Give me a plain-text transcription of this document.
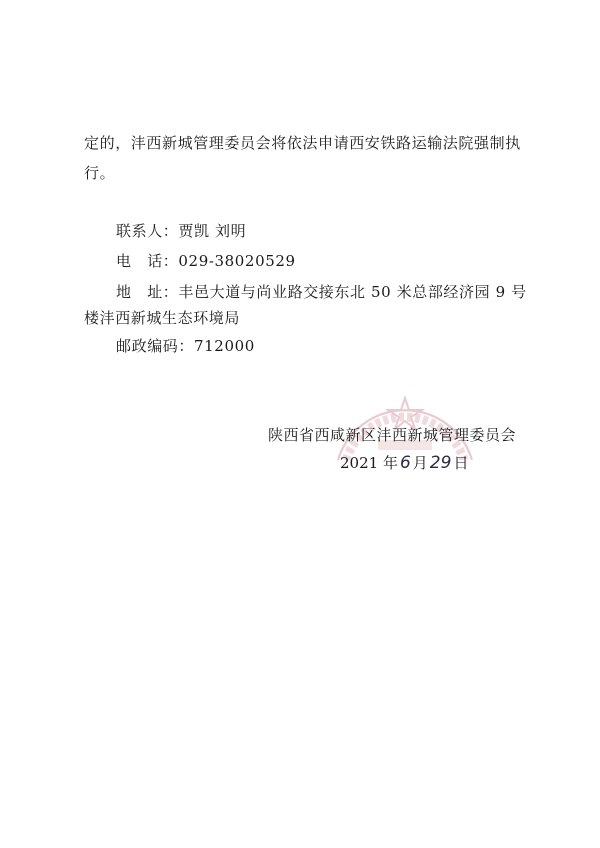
定的，沣西新城管理委员会将依法申请西安铁路运输法院强制执

行。

联系人：贾凯 刘明

电　话：029-38020529

地　址：丰邑大道与尚业路交接东北 50 米总部经济园 9 号

楼沣西新城生态环境局

邮政编码：712000

陕西省西咸新区沣西新城管理委员会
2021 年 6 月 29 日
